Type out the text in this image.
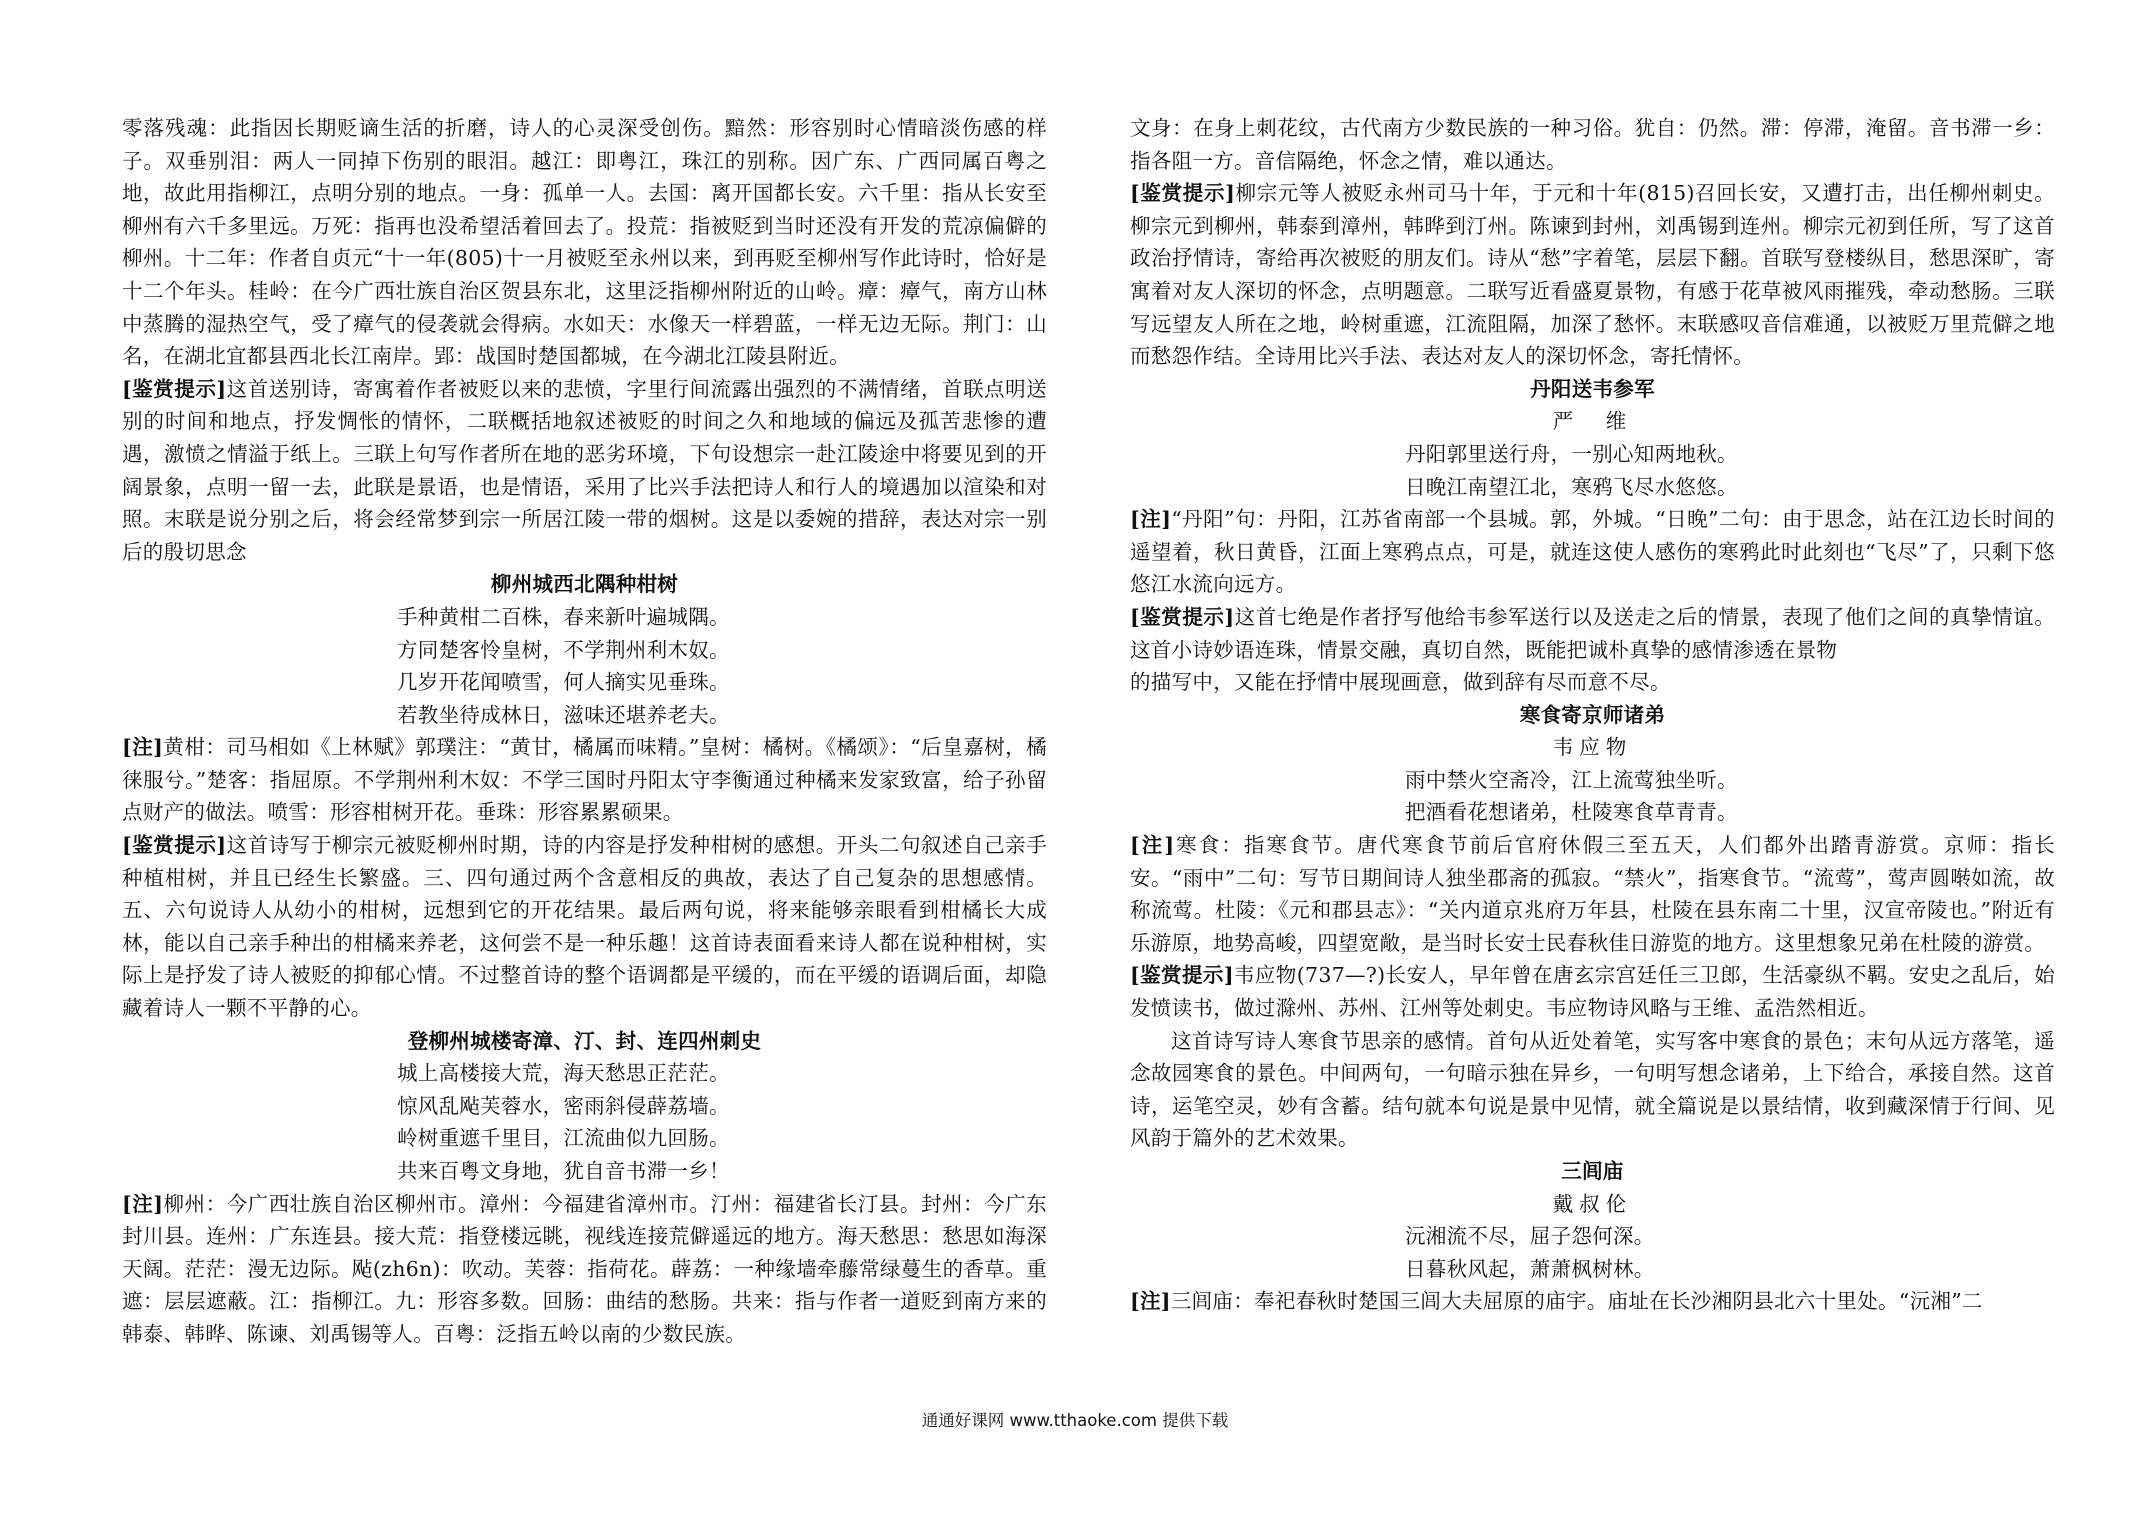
零落残魂：此指因长期贬谪生活的折磨，诗人的心灵深受创伤。黯然：形容别时心情暗淡伤感的样子。双垂别泪：两人一同掉下伤别的眼泪。越江：即粤江，珠江的别称。因广东、广西同属百粤之地，故此用指柳江，点明分别的地点。一身：孤单一人。去国：离开国都长安。六千里：指从长安至柳州有六千多里远。万死：指再也没希望活着回去了。投荒：指被贬到当时还没有开发的荒凉偏僻的柳州。十二年：作者自贞元“十一年(805)十一月被贬至永州以来，到再贬至柳州写作此诗时，恰好是十二个年头。桂岭：在今广西壮族自治区贺县东北，这里泛指柳州附近的山岭。瘴：瘴气，南方山林中蒸腾的湿热空气，受了瘴气的侵袭就会得病。水如天：水像天一样碧蓝，一样无边无际。荆门：山名，在湖北宜都县西北长江南岸。郢：战国时楚国都城，在今湖北江陵县附近。

[鉴赏提示]这首送别诗，寄寓着作者被贬以来的悲愤，字里行间流露出强烈的不满情绪，首联点明送别的时间和地点，抒发惆怅的情怀，二联概括地叙述被贬的时间之久和地域的偏远及孤苦悲惨的遭遇，激愤之情溢于纸上。三联上句写作者所在地的恶劣环境，下句设想宗一赴江陵途中将要见到的开阔景象，点明一留一去，此联是景语，也是情语，采用了比兴手法把诗人和行人的境遇加以渲染和对照。末联是说分别之后，将会经常梦到宗一所居江陵一带的烟树。这是以委婉的措辞，表达对宗一别后的殷切思念

柳州城西北隅种柑树

手种黄柑二百株，春来新叶遍城隅。

方同楚客怜皇树，不学荆州利木奴。

几岁开花闻喷雪，何人摘实见垂珠。

若教坐待成林日，滋味还堪养老夫。

[注]黄柑：司马相如《上林赋》郭璞注：“黄甘，橘属而味精。”皇树：橘树。《橘颂》：“后皇嘉树，橘徕服兮。”楚客：指屈原。不学荆州利木奴：不学三国时丹阳太守李衡通过种橘来发家致富，给子孙留点财产的做法。喷雪：形容柑树开花。垂珠：形容累累硕果。

[鉴赏提示]这首诗写于柳宗元被贬柳州时期，诗的内容是抒发种柑树的感想。开头二句叙述自己亲手种植柑树，并且已经生长繁盛。三、四句通过两个含意相反的典故，表达了自己复杂的思想感情。五、六句说诗人从幼小的柑树，远想到它的开花结果。最后两句说，将来能够亲眼看到柑橘长大成林，能以自己亲手种出的柑橘来养老，这何尝不是一种乐趣！这首诗表面看来诗人都在说种柑树，实际上是抒发了诗人被贬的抑郁心情。不过整首诗的整个语调都是平缓的，而在平缓的语调后面，却隐藏着诗人一颗不平静的心。

登柳州城楼寄漳、汀、封、连四州刺史

城上高楼接大荒，海天愁思正茫茫。

惊风乱飐芙蓉水，密雨斜侵薜荔墙。

岭树重遮千里目，江流曲似九回肠。

共来百粤文身地，犹自音书滞一乡！

[注]柳州：今广西壮族自治区柳州市。漳州：今福建省漳州市。汀州：福建省长汀县。封州：今广东封川县。连州：广东连县。接大荒：指登楼远眺，视线连接荒僻遥远的地方。海天愁思：愁思如海深天阔。茫茫：漫无边际。飐(zh6n)：吹动。芙蓉：指荷花。薜荔：一种缘墙牵藤常绿蔓生的香草。重遮：层层遮蔽。江：指柳江。九：形容多数。回肠：曲结的愁肠。共来：指与作者一道贬到南方来的韩泰、韩晔、陈谏、刘禹锡等人。百粤：泛指五岭以南的少数民族。

文身：在身上刺花纹，古代南方少数民族的一种习俗。犹自：仍然。滞：停滞，淹留。音书滞一乡：指各阻一方。音信隔绝，怀念之情，难以通达。

[鉴赏提示]柳宗元等人被贬永州司马十年，于元和十年(815)召回长安，又遭打击，出任柳州刺史。柳宗元到柳州，韩泰到漳州，韩晔到汀州。陈谏到封州，刘禹锡到连州。柳宗元初到任所，写了这首政治抒情诗，寄给再次被贬的朋友们。诗从“愁”字着笔，层层下翻。首联写登楼纵目，愁思深旷，寄寓着对友人深切的怀念，点明题意。二联写近看盛夏景物，有感于花草被风雨摧残，牵动愁肠。三联写远望友人所在之地，岭树重遮，江流阻隔，加深了愁怀。末联感叹音信难通，以被贬万里荒僻之地而愁怨作结。全诗用比兴手法、表达对友人的深切怀念，寄托情怀。

丹阳送韦参军

严　维

丹阳郭里送行舟，一别心知两地秋。

日晚江南望江北，寒鸦飞尽水悠悠。

[注]“丹阳”句：丹阳，江苏省南部一个县城。郭，外城。“日晚”二句：由于思念，站在江边长时间的遥望着，秋日黄昏，江面上寒鸦点点，可是，就连这使人感伤的寒鸦此时此刻也“飞尽”了，只剩下悠悠江水流向远方。

[鉴赏提示]这首七绝是作者抒写他给韦参军送行以及送走之后的情景，表现了他们之间的真挚情谊。这首小诗妙语连珠，情景交融，真切自然，既能把诚朴真挚的感情渗透在景物

的描写中，又能在抒情中展现画意，做到辞有尽而意不尽。

寒食寄京师诸弟

韦应物

雨中禁火空斋冷，江上流莺独坐听。

把酒看花想诸弟，杜陵寒食草青青。

[注]寒食：指寒食节。唐代寒食节前后官府休假三至五天，人们都外出踏青游赏。京师：指长安。“雨中”二句：写节日期间诗人独坐郡斋的孤寂。“禁火”，指寒食节。“流莺”，莺声圆啭如流，故称流莺。杜陵：《元和郡县志》：“关内道京兆府万年县，杜陵在县东南二十里，汉宣帝陵也。”附近有乐游原，地势高峻，四望宽敞，是当时长安士民春秋佳日游览的地方。这里想象兄弟在杜陵的游赏。

[鉴赏提示]韦应物(737—?)长安人，早年曾在唐玄宗宫廷任三卫郎，生活豪纵不羁。安史之乱后，始发愤读书，做过滁州、苏州、江州等处刺史。韦应物诗风略与王维、孟浩然相近。

这首诗写诗人寒食节思亲的感情。首句从近处着笔，实写客中寒食的景色；末句从远方落笔，遥念故园寒食的景色。中间两句，一句暗示独在异乡，一句明写想念诸弟，上下给合，承接自然。这首诗，运笔空灵，妙有含蓄。结句就本句说是景中见情，就全篇说是以景结情，收到藏深情于行间、见风韵于篇外的艺术效果。

三闾庙

戴叔伦

沅湘流不尽，屈子怨何深。

日暮秋风起，萧萧枫树林。

[注]三闾庙：奉祀春秋时楚国三闾大夫屈原的庙宇。庙址在长沙湘阴县北六十里处。“沅湘”二

通通好课网 www.tthaoke.com 提供下载
